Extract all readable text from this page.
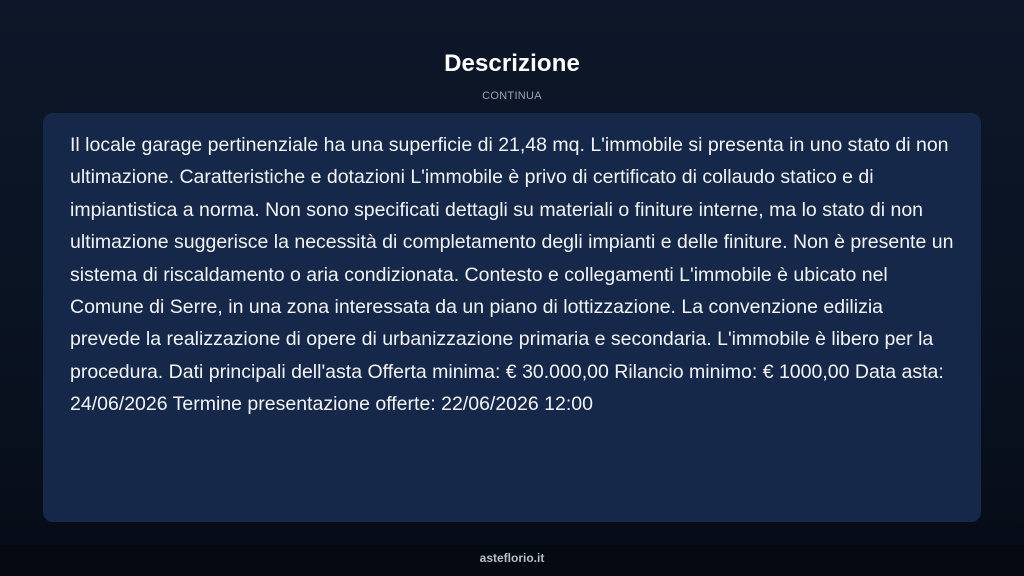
Descrizione
CONTINUA

Il locale garage pertinenziale ha una superficie di 21,48 mq. L'immobile si presenta in uno stato di non ultimazione. Caratteristiche e dotazioni L'immobile è privo di certificato di collaudo statico e di impiantistica a norma. Non sono specificati dettagli su materiali o finiture interne, ma lo stato di non ultimazione suggerisce la necessità di completamento degli impianti e delle finiture. Non è presente un sistema di riscaldamento o aria condizionata. Contesto e collegamenti L'immobile è ubicato nel Comune di Serre, in una zona interessata da un piano di lottizzazione. La convenzione edilizia prevede la realizzazione di opere di urbanizzazione primaria e secondaria. L'immobile è libero per la procedura. Dati principali dell'asta Offerta minima: € 30.000,00 Rilancio minimo: € 1000,00 Data asta: 24/06/2026 Termine presentazione offerte: 22/06/2026 12:00

asteflorio.it
